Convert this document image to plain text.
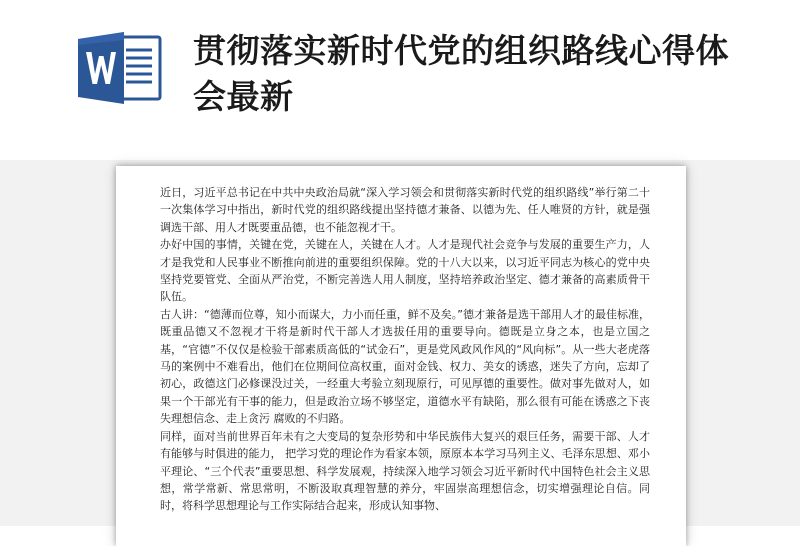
贯彻落实新时代党的组织路线心得体会最新

近日，习近平总书记在中共中央政治局就“深入学习领会和贯彻落实新时代党的组织路线”举行第二十一次集体学习中指出，新时代党的组织路线提出坚持德才兼备、以德为先、任人唯贤的方针，就是强调选干部、用人才既要重品德，也不能忽视才干。

办好中国的事情，关键在党，关键在人，关键在人才。人才是现代社会竞争与发展的重要生产力，人才是我党和人民事业不断推向前进的重要组织保障。党的十八大以来，以习近平同志为核心的党中央坚持党要管党、全面从严治党，不断完善选人用人制度，坚持培养政治坚定、德才兼备的高素质骨干队伍。

古人讲：“德薄而位尊，知小而谋大，力小而任重，鲜不及矣。”德才兼备是选干部用人才的最佳标准，既重品德又不忽视才干将是新时代干部人才选拔任用的重要导向。德既是立身之本，也是立国之基，“官德”不仅仅是检验干部素质高低的“试金石”，更是党风政风作风的“风向标”。从一些大老虎落马的案例中不难看出，他们在位期间位高权重，面对金钱、权力、美女的诱惑，迷失了方向，忘却了初心，政德这门必修课没过关，一经重大考验立刻现原行，可见厚德的重要性。做对事先做对人，如果一个干部光有干事的能力，但是政治立场不够坚定，道德水平有缺陷，那么很有可能在诱惑之下丧失理想信念、走上贪污 腐败的不归路。

同样，面对当前世界百年未有之大变局的复杂形势和中华民族伟大复兴的艰巨任务，需要干部、人才有能够与时俱进的能力， 把学习党的理论作为看家本领，原原本本学习马列主义、毛泽东思想、邓小平理论、“三个代表”重要思想、科学发展观，持续深入地学习领会习近平新时代中国特色社会主义思想，常学常新、常思常明，不断汲取真理智慧的养分，牢固崇高理想信念，切实增强理论自信。同时，将科学思想理论与工作实际结合起来，形成认知事物、
